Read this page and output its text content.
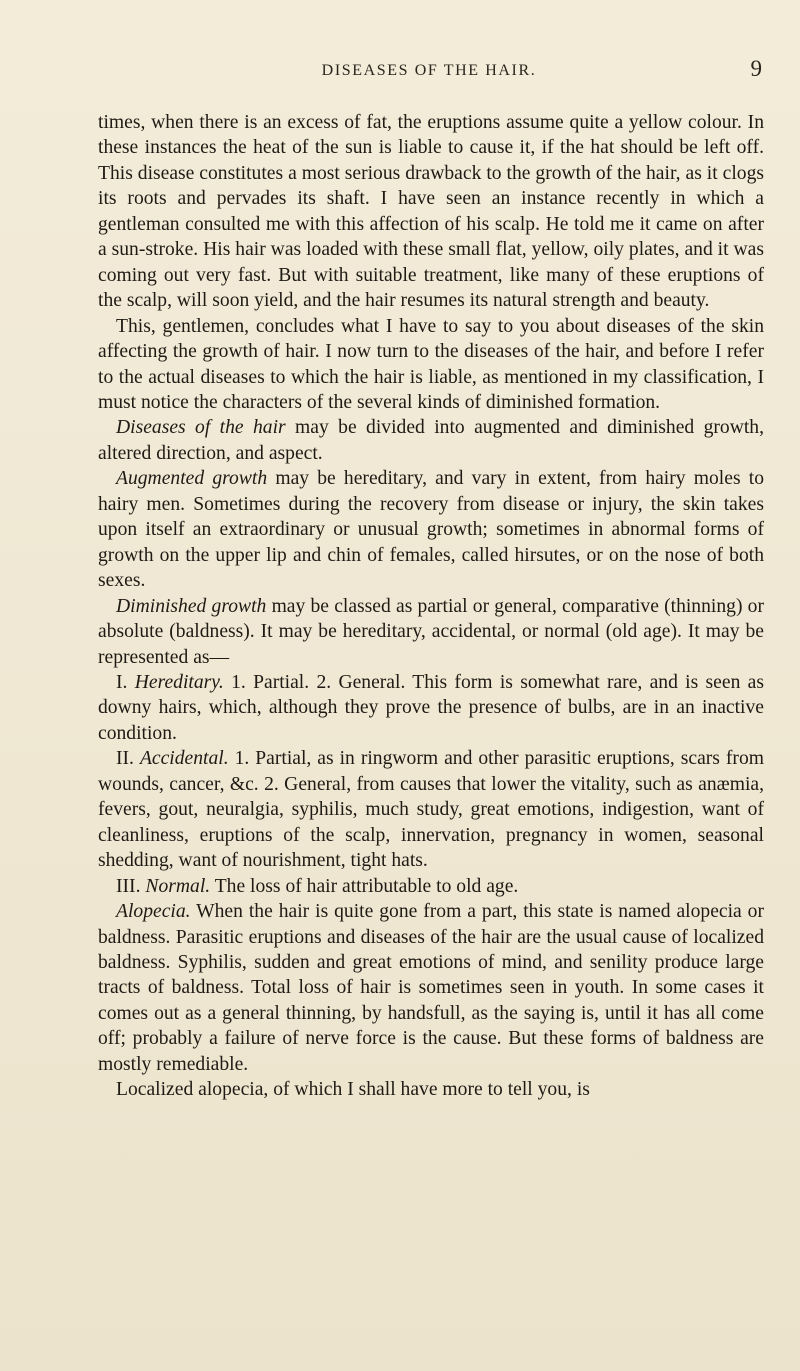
DISEASES OF THE HAIR.	9

times, when there is an excess of fat, the eruptions assume quite a yellow colour. In these instances the heat of the sun is liable to cause it, if the hat should be left off. This disease constitutes a most serious drawback to the growth of the hair, as it clogs its roots and pervades its shaft. I have seen an instance recently in which a gentleman consulted me with this affection of his scalp. He told me it came on after a sun-stroke. His hair was loaded with these small flat, yellow, oily plates, and it was coming out very fast. But with suitable treatment, like many of these eruptions of the scalp, will soon yield, and the hair resumes its natural strength and beauty.

This, gentlemen, concludes what I have to say to you about diseases of the skin affecting the growth of hair. I now turn to the diseases of the hair, and before I refer to the actual diseases to which the hair is liable, as mentioned in my classification, I must notice the characters of the several kinds of diminished formation.

Diseases of the hair may be divided into augmented and diminished growth, altered direction, and aspect.

Augmented growth may be hereditary, and vary in extent, from hairy moles to hairy men. Sometimes during the recovery from disease or injury, the skin takes upon itself an extraordinary or unusual growth; sometimes in abnormal forms of growth on the upper lip and chin of females, called hirsutes, or on the nose of both sexes.

Diminished growth may be classed as partial or general, comparative (thinning) or absolute (baldness). It may be hereditary, accidental, or normal (old age). It may be represented as—

I. Hereditary. 1. Partial. 2. General. This form is somewhat rare, and is seen as downy hairs, which, although they prove the presence of bulbs, are in an inactive condition.

II. Accidental. 1. Partial, as in ringworm and other parasitic eruptions, scars from wounds, cancer, &c. 2. General, from causes that lower the vitality, such as anæmia, fevers, gout, neuralgia, syphilis, much study, great emotions, indigestion, want of cleanliness, eruptions of the scalp, innervation, pregnancy in women, seasonal shedding, want of nourishment, tight hats.

III. Normal. The loss of hair attributable to old age.

Alopecia. When the hair is quite gone from a part, this state is named alopecia or baldness. Parasitic eruptions and diseases of the hair are the usual cause of localized baldness. Syphilis, sudden and great emotions of mind, and senility produce large tracts of baldness. Total loss of hair is sometimes seen in youth. In some cases it comes out as a general thinning, by handsfull, as the saying is, until it has all come off; probably a failure of nerve force is the cause. But these forms of baldness are mostly remediable.

Localized alopecia, of which I shall have more to tell you, is
